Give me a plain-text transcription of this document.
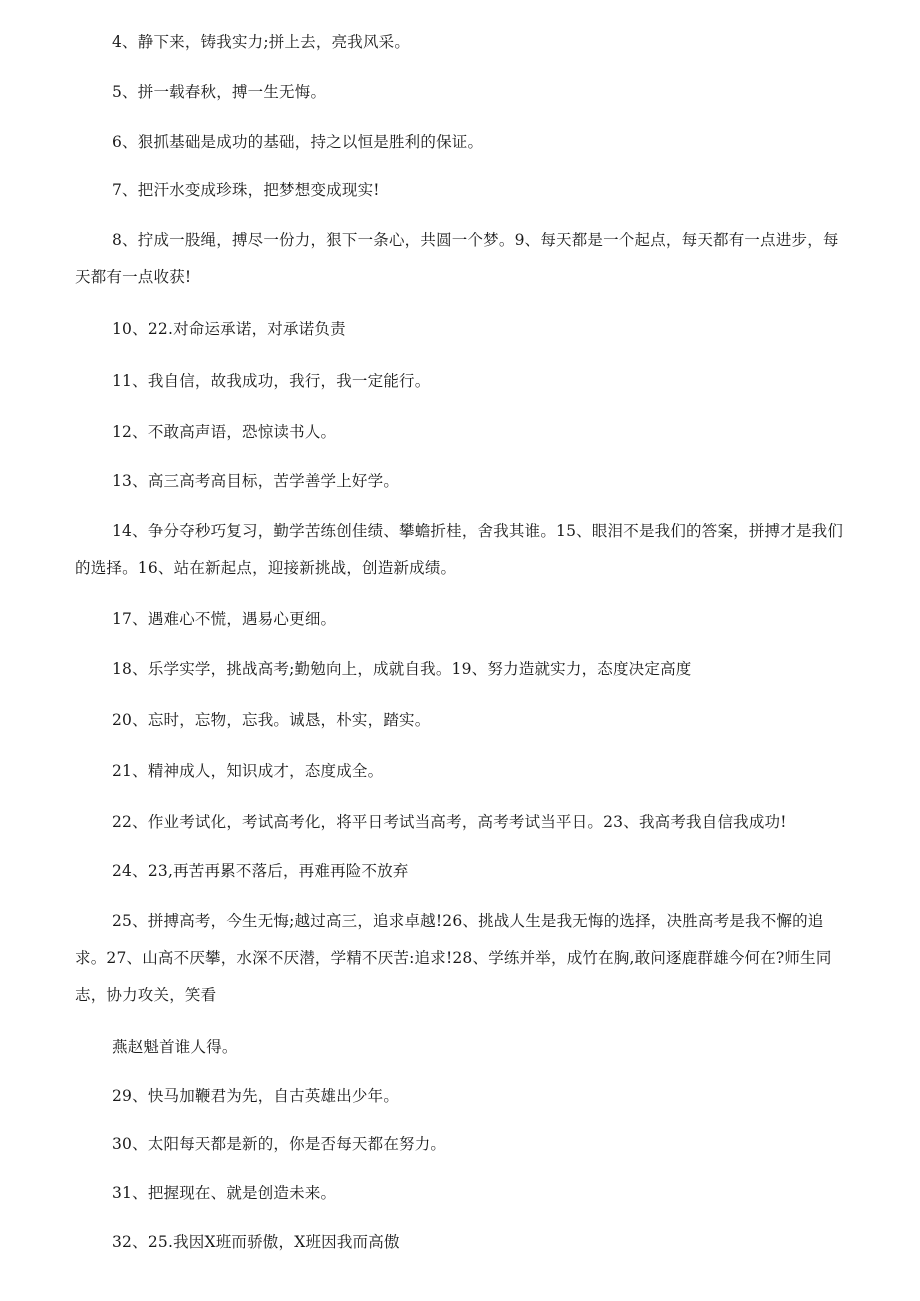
4、静下来，铸我实力;拼上去，亮我风采。

5、拼一载春秋，搏一生无悔。

6、狠抓基础是成功的基础，持之以恒是胜利的保证。

7、把汗水变成珍珠，把梦想变成现实!

8、拧成一股绳，搏尽一份力，狠下一条心，共圆一个梦。9、每天都是一个起点，每天都有一点进步，每天都有一点收获!

10、22.对命运承诺，对承诺负责

11、我自信，故我成功，我行，我一定能行。

12、不敢高声语，恐惊读书人。

13、高三高考高目标，苦学善学上好学。

14、争分夺秒巧复习，勤学苦练创佳绩、攀蟾折桂，舍我其谁。15、眼泪不是我们的答案，拼搏才是我们的选择。16、站在新起点，迎接新挑战，创造新成绩。

17、遇难心不慌，遇易心更细。

18、乐学实学，挑战高考;勤勉向上，成就自我。19、努力造就实力，态度决定高度

20、忘时，忘物，忘我。诚恳，朴实，踏实。

21、精神成人，知识成才，态度成全。

22、作业考试化，考试高考化，将平日考试当高考，高考考试当平日。23、我高考我自信我成功!

24、23,再苦再累不落后，再难再险不放弃

25、拼搏高考，今生无悔;越过高三，追求卓越!26、挑战人生是我无悔的选择，决胜高考是我不懈的追求。27、山高不厌攀，水深不厌潜，学精不厌苦:追求!28、学练并举，成竹在胸,敢问逐鹿群雄今何在?师生同志，协力攻关，笑看

燕赵魁首谁人得。

29、快马加鞭君为先，自古英雄出少年。

30、太阳每天都是新的，你是否每天都在努力。

31、把握现在、就是创造未来。

32、25.我因X班而骄傲，X班因我而高傲
